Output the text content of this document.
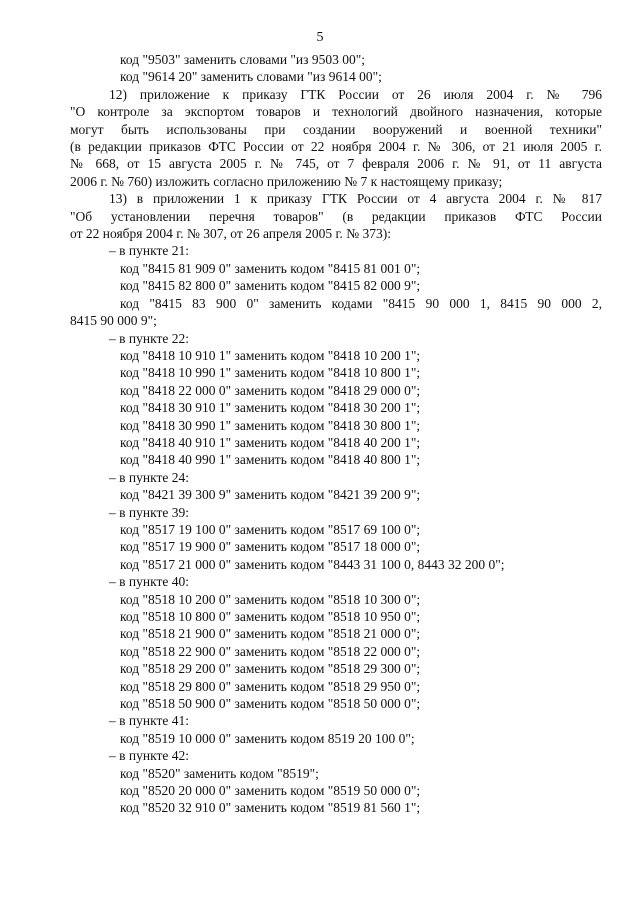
5
код "9503" заменить словами "из 9503 00";
код "9614 20" заменить словами "из 9614 00";
12) приложение к приказу ГТК России от 26 июля 2004 г. № 796
"О контроле за экспортом товаров и технологий двойного назначения, которые
могут быть использованы при создании вооружений и военной техники"
(в редакции приказов ФТС России от 22 ноября 2004 г. № 306, от 21 июля 2005 г.
№ 668, от 15 августа 2005 г. № 745, от 7 февраля 2006 г. № 91, от 11 августа
2006 г. № 760) изложить согласно приложению № 7 к настоящему приказу;
13) в приложении 1 к приказу ГТК России от 4 августа 2004 г. № 817
"Об установлении перечня товаров" (в редакции приказов ФТС России
от 22 ноября 2004 г. № 307, от 26 апреля 2005 г. № 373):
– в пункте 21:
код "8415 81 909 0" заменить кодом "8415 81 001 0";
код "8415 82 800 0" заменить кодом "8415 82 000 9";
код "8415 83 900 0" заменить кодами "8415 90 000 1, 8415 90 000 2,
8415 90 000 9";
– в пункте 22:
код "8418 10 910 1" заменить кодом "8418 10 200 1";
код "8418 10 990 1" заменить кодом "8418 10 800 1";
код "8418 22 000 0" заменить кодом "8418 29 000 0";
код "8418 30 910 1" заменить кодом "8418 30 200 1";
код "8418 30 990 1" заменить кодом "8418 30 800 1";
код "8418 40 910 1" заменить кодом "8418 40 200 1";
код "8418 40 990 1" заменить кодом "8418 40 800 1";
– в пункте 24:
код "8421 39 300 9" заменить кодом "8421 39 200 9";
– в пункте 39:
код "8517 19 100 0" заменить кодом "8517 69 100 0";
код "8517 19 900 0" заменить кодом "8517 18 000 0";
код "8517 21 000 0" заменить кодом "8443 31 100 0, 8443 32 200 0";
– в пункте 40:
код "8518 10 200 0" заменить кодом "8518 10 300 0";
код "8518 10 800 0" заменить кодом "8518 10 950 0";
код "8518 21 900 0" заменить кодом "8518 21 000 0";
код "8518 22 900 0" заменить кодом "8518 22 000 0";
код "8518 29 200 0" заменить кодом "8518 29 300 0";
код "8518 29 800 0" заменить кодом "8518 29 950 0";
код "8518 50 900 0" заменить кодом "8518 50 000 0";
– в пункте 41:
код "8519 10 000 0" заменить кодом 8519 20 100 0";
– в пункте 42:
код "8520" заменить кодом "8519";
код "8520 20 000 0" заменить кодом "8519 50 000 0";
код "8520 32 910 0" заменить кодом "8519 81 560 1";
